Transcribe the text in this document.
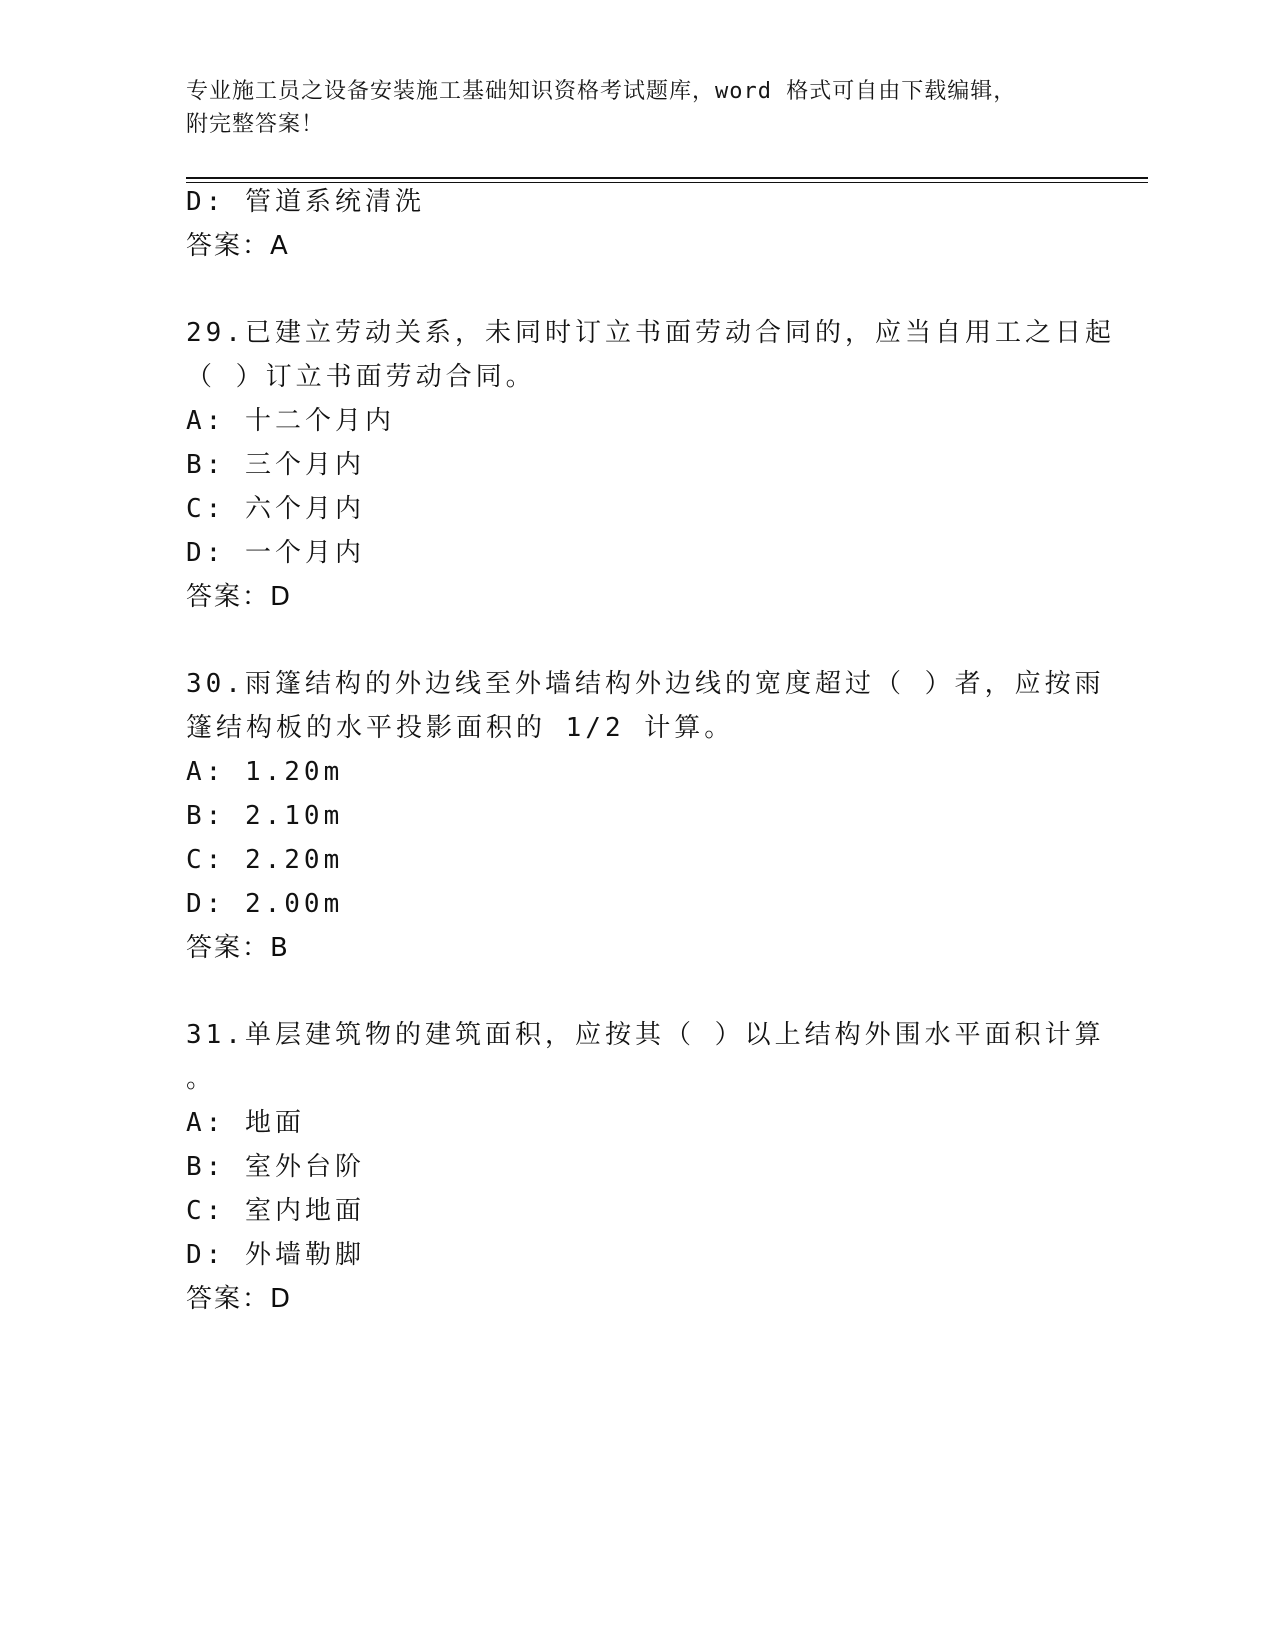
专业施工员之设备安装施工基础知识资格考试题库，word 格式可自由下载编辑，
附完整答案！
D: 管道系统清洗
答案：A
29.已建立劳动关系，未同时订立书面劳动合同的，应当自用工之日起
（ ）订立书面劳动合同。
A: 十二个月内
B: 三个月内
C: 六个月内
D: 一个月内
答案：D
30.雨篷结构的外边线至外墙结构外边线的宽度超过（ ）者，应按雨
篷结构板的水平投影面积的 1/2 计算。
A: 1.20m
B: 2.10m
C: 2.20m
D: 2.00m
答案：B
31.单层建筑物的建筑面积，应按其（ ）以上结构外围水平面积计算
。
A: 地面
B: 室外台阶
C: 室内地面
D: 外墙勒脚
答案：D
